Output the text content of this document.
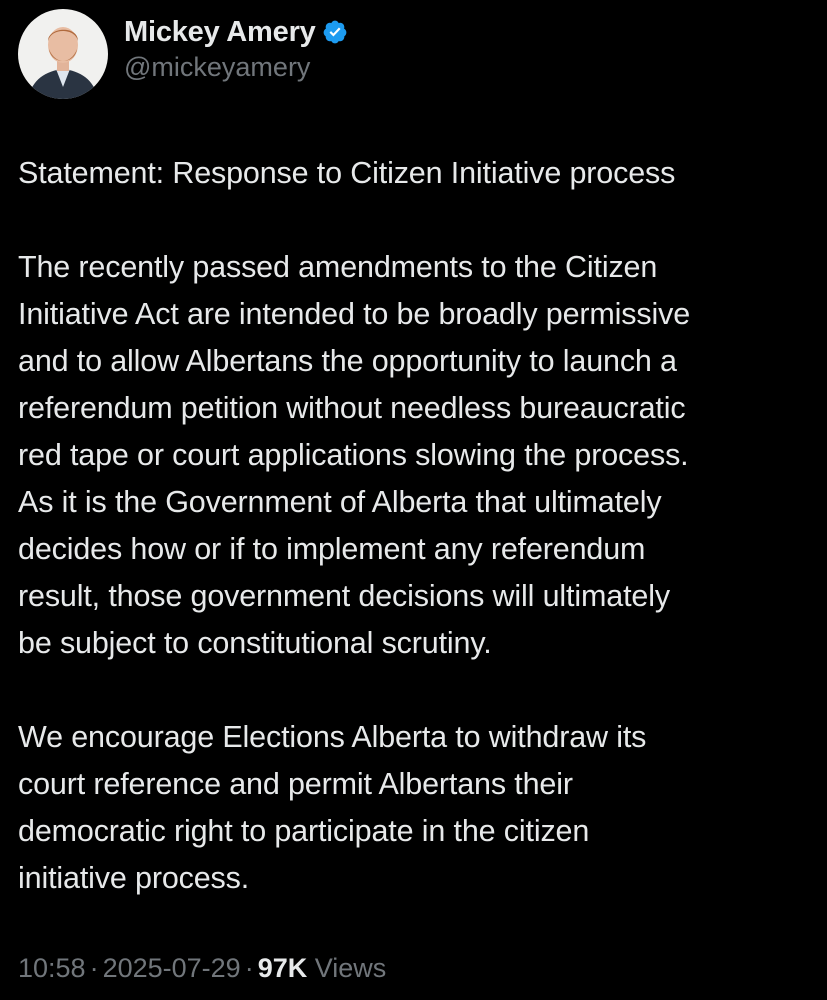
Mickey Amery
@mickeyamery

Statement: Response to Citizen Initiative process

The recently passed amendments to the Citizen
Initiative Act are intended to be broadly permissive
and to allow Albertans the opportunity to launch a
referendum petition without needless bureaucratic
red tape or court applications slowing the process.
As it is the Government of Alberta that ultimately
decides how or if to implement any referendum
result, those government decisions will ultimately
be subject to constitutional scrutiny.

We encourage Elections Alberta to withdraw its
court reference and permit Albertans their
democratic right to participate in the citizen
initiative process.

10:58 · 2025-07-29 · 97K Views
